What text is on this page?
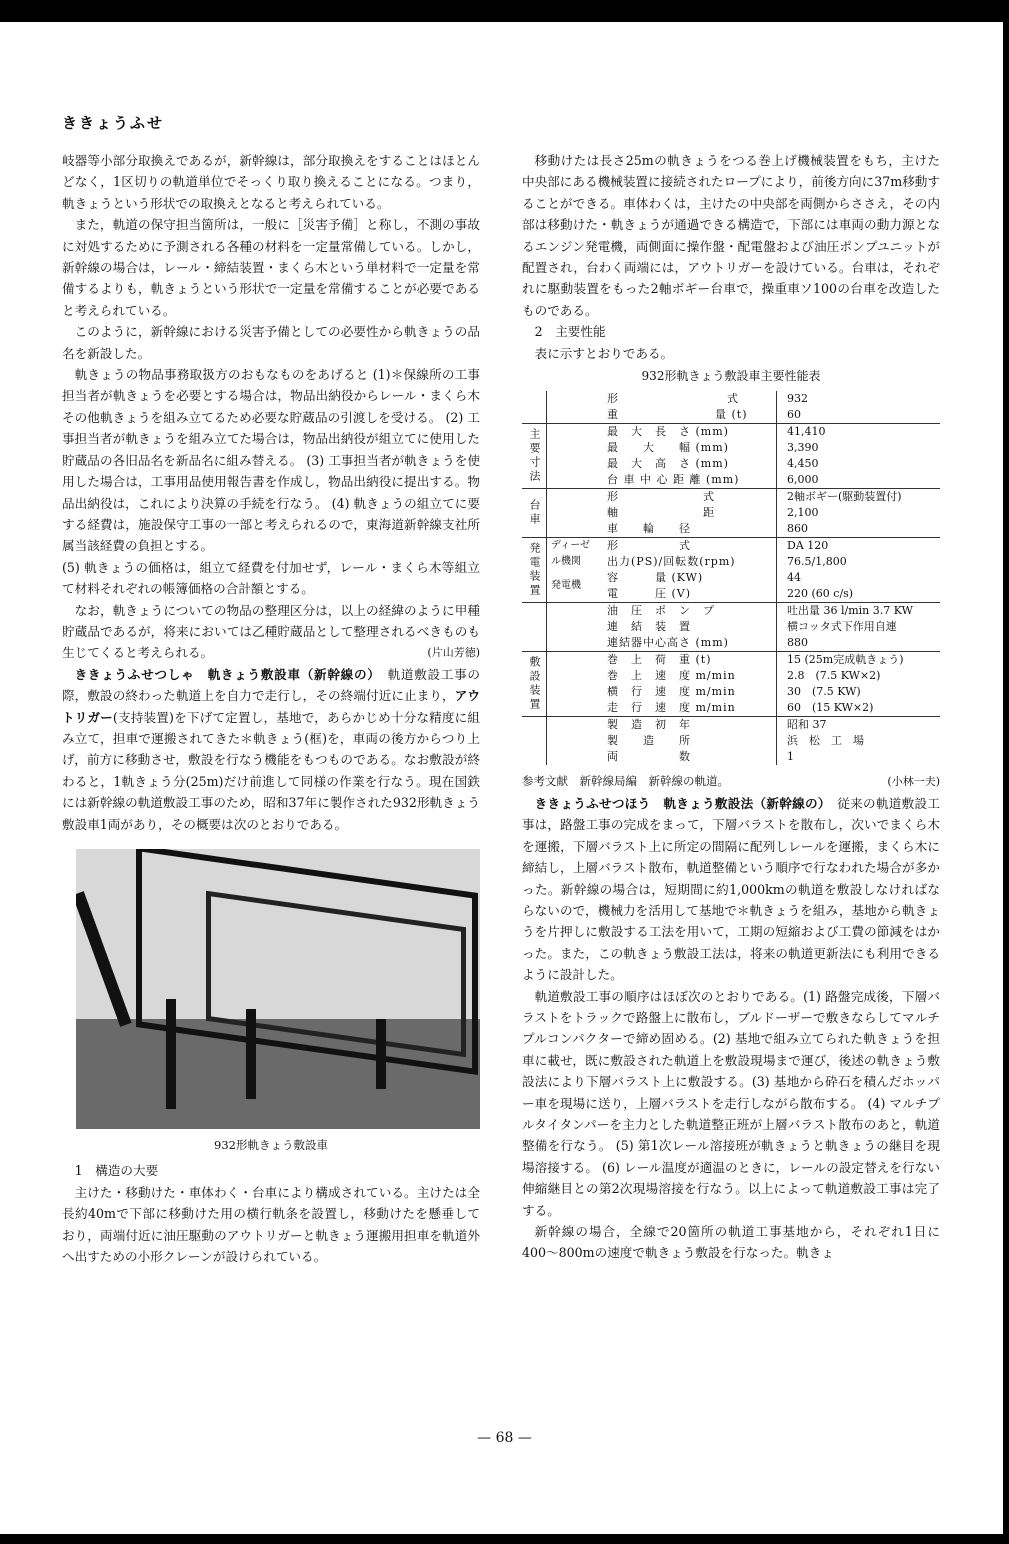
ききょうふせ

岐器等小部分取換えであるが，新幹線は，部分取換えをすることはほとんどなく，1区切りの軌道単位でそっくり取り換えることになる。つまり，軌きょうという形状での取換えとなると考えられている。

また，軌道の保守担当箇所は，一般に［災害予備］と称し，不測の事故に対処するために予測される各種の材料を一定量常備している。しかし，新幹線の場合は，レール・締結装置・まくら木という単材料で一定量を常備するよりも，軌きょうという形状で一定量を常備することが必要であると考えられている。

このように，新幹線における災害予備としての必要性から軌きょうの品名を新設した。

軌きょうの物品事務取扱方のおもなものをあげると (1)＊保線所の工事担当者が軌きょうを必要とする場合は，物品出納役からレール・まくら木その他軌きょうを組み立てるため必要な貯蔵品の引渡しを受ける。 (2) 工事担当者が軌きょうを組み立てた場合は，物品出納役が組立てに使用した貯蔵品の各旧品名を新品名に組み替える。 (3) 工事担当者が軌きょうを使用した場合は，工事用品使用報告書を作成し，物品出納役に提出する。物品出納役は，これにより決算の手続を行なう。 (4) 軌きょうの組立てに要する経費は，施設保守工事の一部と考えられるので，東海道新幹線支社所属当該経費の負担とする。

(5) 軌きょうの価格は，組立て経費を付加せず，レール・まくら木等組立て材料それぞれの帳簿価格の合計額とする。

なお，軌きょうについての物品の整理区分は，以上の経緯のように甲種貯蔵品であるが，将来においては乙種貯蔵品として整理されるべきものも生じてくると考えられる。	(片山芳徳)

ききょうふせつしゃ　軌きょう敷設車（新幹線の）　 軌道敷設工事の際，敷設の終わった軌道上を自力で走行し，その終端付近に止まり，アウトリガー(支持装置)を下げて定置し，基地で，あらかじめ十分な精度に組み立て，担車で運搬されてきた＊軌きょう(框)を，車両の後方からつり上げ，前方に移動させ，敷設を行なう機能をもつものである。なお敷設が終わると，1軌きょう分(25m)だけ前進して同様の作業を行なう。現在国鉄には新幹線の軌道敷設工事のため，昭和37年に製作された932形軌きょう敷設車1両があり，その概要は次のとおりである。

932形軌きょう敷設車

1　構造の大要

主けた・移動けた・車体わく・台車により構成されている。主けたは全長約40mで下部に移動けた用の横行軌条を設置し，移動けたを懸垂しており，両端付近に油圧駆動のアウトリガーと軌きょう運搬用担車を軌道外へ出すための小形クレーンが設けられている。

移動けたは長さ25mの軌きょうをつる巻上げ機械装置をもち，主けた中央部にある機械装置に接続されたロープにより，前後方向に37m移動することができる。車体わくは，主けたの中央部を両側からささえ，その内部は移動けた・軌きょうが通過できる構造で，下部には車両の動力源となるエンジン発電機，両側面に操作盤・配電盤および油圧ポンプユニットが配置され，台わく両端には，アウトリガーを設けている。台車は，それぞれに駆動装置をもった2軸ボギー台車で，操重車ソ100の台車を改造したものである。

2　主要性能

表に示すとおりである。

932形軌きょう敷設車主要性能表
		形　　　　　　　　　式	932
		重　　　　　　　　量 (t)	60
主要寸法		最　大　長　さ (mm)	41,410
		最　　大　　幅 (mm)	3,390
		最　大　高　さ (mm)	4,450
		台 車 中 心 距 離 (mm)	6,000
台車		形　　　　　　　式	2軸ボギー(駆動装置付)
		軸　　　　　　　距	2,100
		車　　輪　　径	860
発電装置	ディーゼル機関	形　　　　　式	DA 120
		出力(PS)/回転数(rpm)	76.5/1,800
	発電機	容　　　量 (KW)	44
		電　　　圧 (V)	220 (60 c/s)
		油　圧　ポ　ン　プ	吐出量 36 l/min 3.7 KW
		連　結　装　置	横コッタ式下作用自連
		連結器中心高さ (mm)	880
敷設装置		巻　上　荷　重 (t)	15 (25m完成軌きょう)
		巻　上　速　度 m/min	2.8　(7.5 KW×2)
		横　行　速　度 m/min	30　(7.5 KW)
		走　行　速　度 m/min	60　(15 KW×2)
		製　造　初　年	昭和 37
		製　　造　　所	浜　松　工　場
		両　　　　　数	1

参考文献　新幹線局編　新幹線の軌道。	(小林一夫)

ききょうふせつほう　軌きょう敷設法（新幹線の）　 従来の軌道敷設工事は，路盤工事の完成をまって，下層バラストを散布し，次いでまくら木を運搬，下層バラスト上に所定の間隔に配列しレールを運搬，まくら木に締結し，上層バラスト散布，軌道整備という順序で行なわれた場合が多かった。新幹線の場合は，短期間に約1,000kmの軌道を敷設しなければならないので，機械力を活用して基地で＊軌きょうを組み，基地から軌きょうを片押しに敷設する工法を用いて，工期の短縮および工費の節減をはかった。また，この軌きょう敷設工法は，将来の軌道更新法にも利用できるように設計した。

軌道敷設工事の順序はほぼ次のとおりである。(1) 路盤完成後，下層バラストをトラックで路盤上に散布し，ブルドーザーで敷きならしてマルチプルコンパクターで締め固める。(2) 基地で組み立てられた軌きょうを担車に載せ，既に敷設された軌道上を敷設現場まで運び，後述の軌きょう敷設法により下層バラスト上に敷設する。(3) 基地から砕石を積んだホッパー車を現場に送り，上層バラストを走行しながら散布する。 (4) マルチプルタイタンパーを主力とした軌道整正班が上層バラスト散布のあと，軌道整備を行なう。 (5) 第1次レール溶接班が軌きょうと軌きょうの継目を現場溶接する。 (6) レール温度が適温のときに，レールの設定替えを行ない伸縮継目との第2次現場溶接を行なう。以上によって軌道敷設工事は完了する。

新幹線の場合，全線で20箇所の軌道工事基地から，それぞれ1日に400〜800mの速度で軌きょう敷設を行なった。軌きょ

— 68 —
